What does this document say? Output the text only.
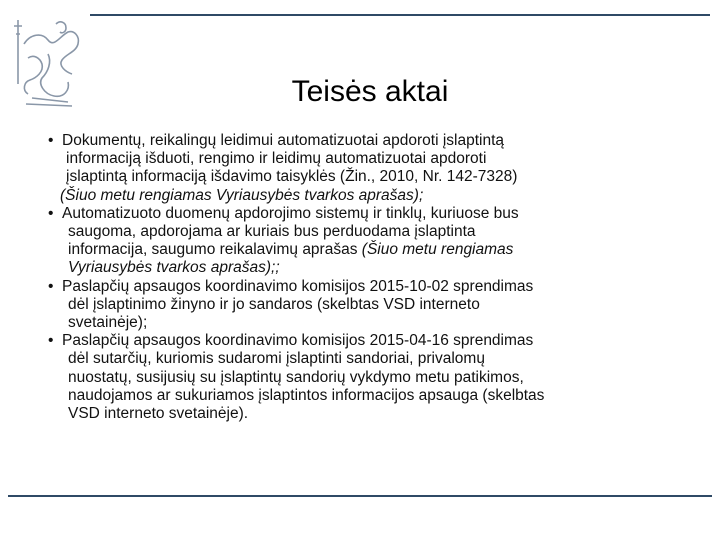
Teisės aktai

• Dokumentų, reikalingų leidimui automatizuotai apdoroti įslaptintą
informaciją išduoti, rengimo ir leidimų automatizuotai apdoroti
įslaptintą informaciją išdavimo taisyklės (Žin., 2010, Nr. 142-7328)
(Šiuo metu rengiamas Vyriausybės tvarkos aprašas);

• Automatizuoto duomenų apdorojimo sistemų ir tinklų, kuriuose bus
saugoma, apdorojama ar kuriais bus perduodama įslaptinta
informacija, saugumo reikalavimų aprašas (Šiuo metu rengiamas
Vyriausybės tvarkos aprašas);;

• Paslapčių apsaugos koordinavimo komisijos 2015-10-02 sprendimas
dėl įslaptinimo žinyno ir jo sandaros (skelbtas VSD interneto
svetainėje);

• Paslapčių apsaugos koordinavimo komisijos 2015-04-16 sprendimas
dėl sutarčių, kuriomis sudaromi įslaptinti sandoriai, privalomų
nuostatų, susijusių su įslaptintų sandorių vykdymo metu patikimos,
naudojamos ar sukuriamos įslaptintos informacijos apsauga (skelbtas
VSD interneto svetainėje).
